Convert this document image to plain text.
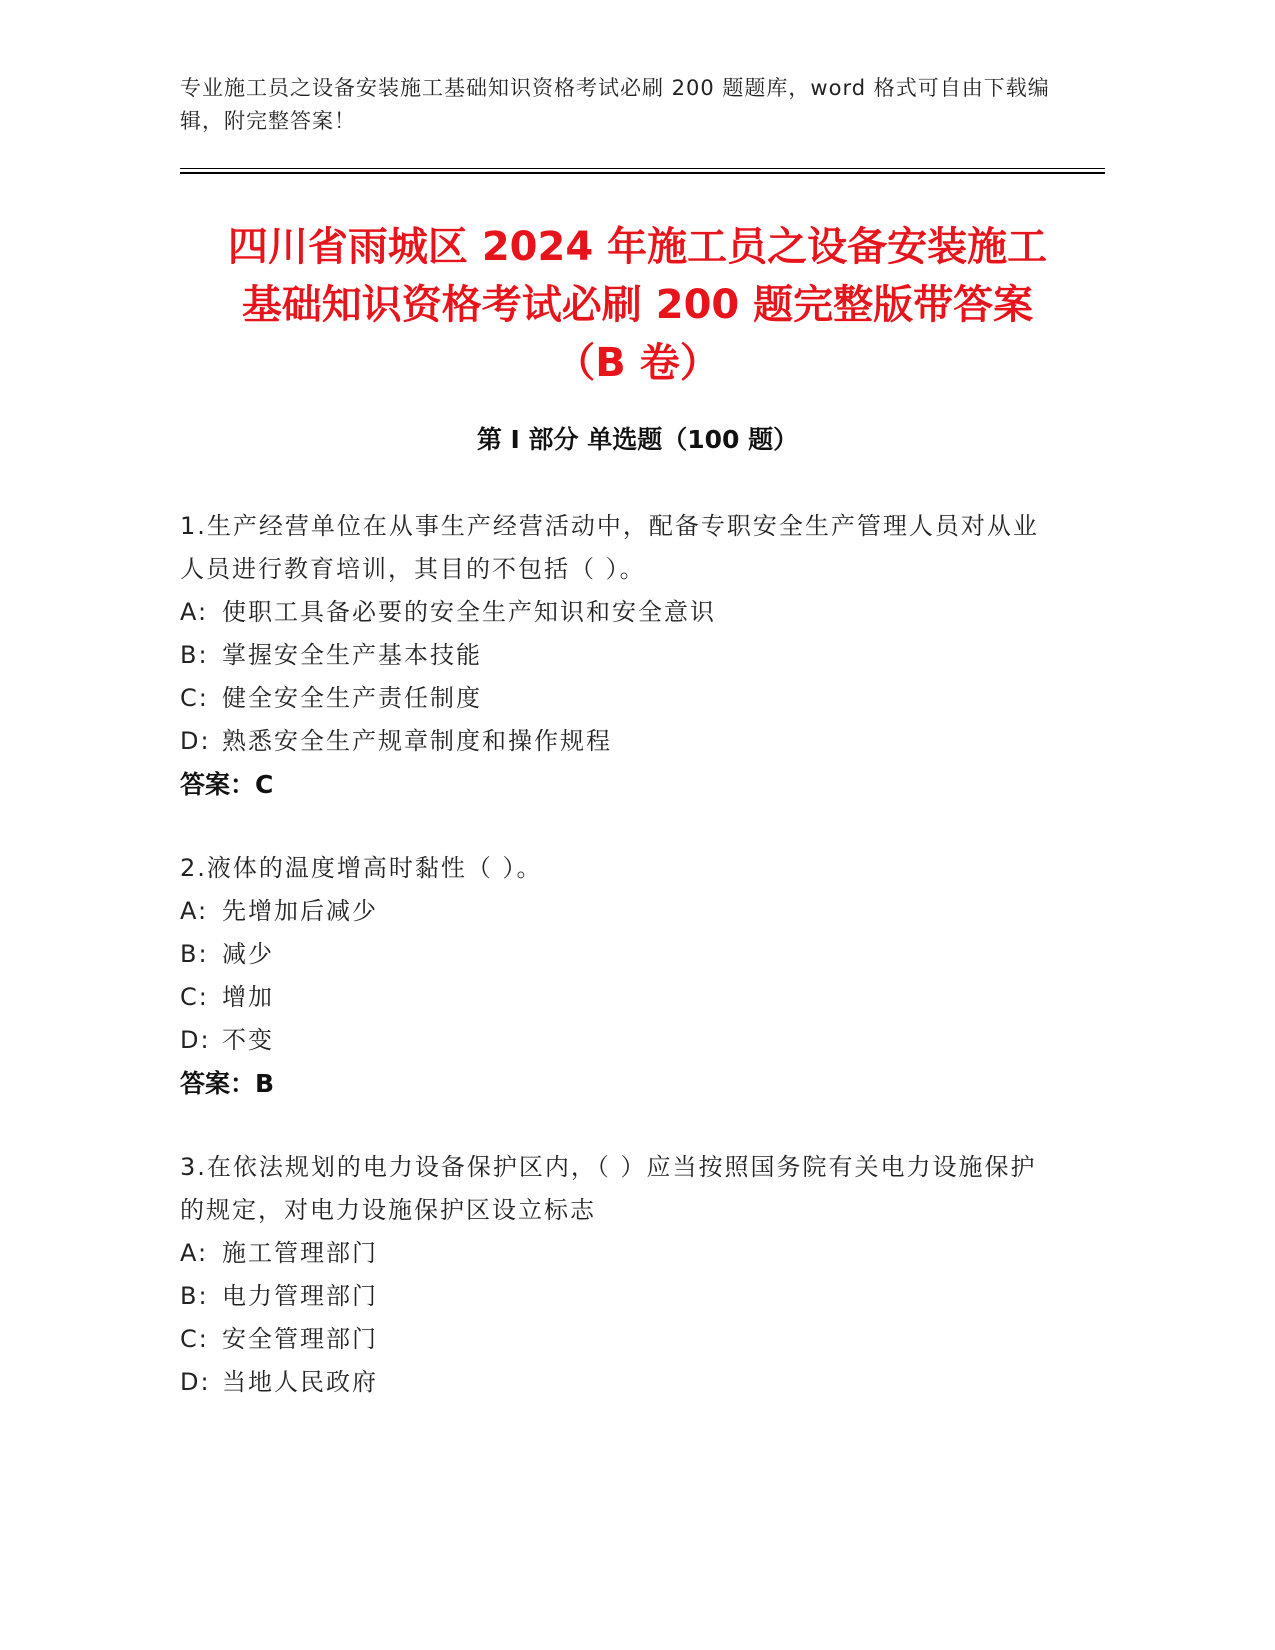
专业施工员之设备安装施工基础知识资格考试必刷 200 题题库，word 格式可自由下载编辑，附完整答案！
四川省雨城区 2024 年施工员之设备安装施工
基础知识资格考试必刷 200 题完整版带答案
（B 卷）
第 I 部分 单选题（100 题）
1.生产经营单位在从事生产经营活动中，配备专职安全生产管理人员对从业人员进行教育培训，其目的不包括（ ）。
A: 使职工具备必要的安全生产知识和安全意识
B: 掌握安全生产基本技能
C: 健全安全生产责任制度
D: 熟悉安全生产规章制度和操作规程
答案：C
2.液体的温度增高时黏性（ ）。
A: 先增加后减少
B: 减少
C: 增加
D: 不变
答案：B
3.在依法规划的电力设备保护区内，（ ）应当按照国务院有关电力设施保护的规定，对电力设施保护区设立标志
A: 施工管理部门
B: 电力管理部门
C: 安全管理部门
D: 当地人民政府
